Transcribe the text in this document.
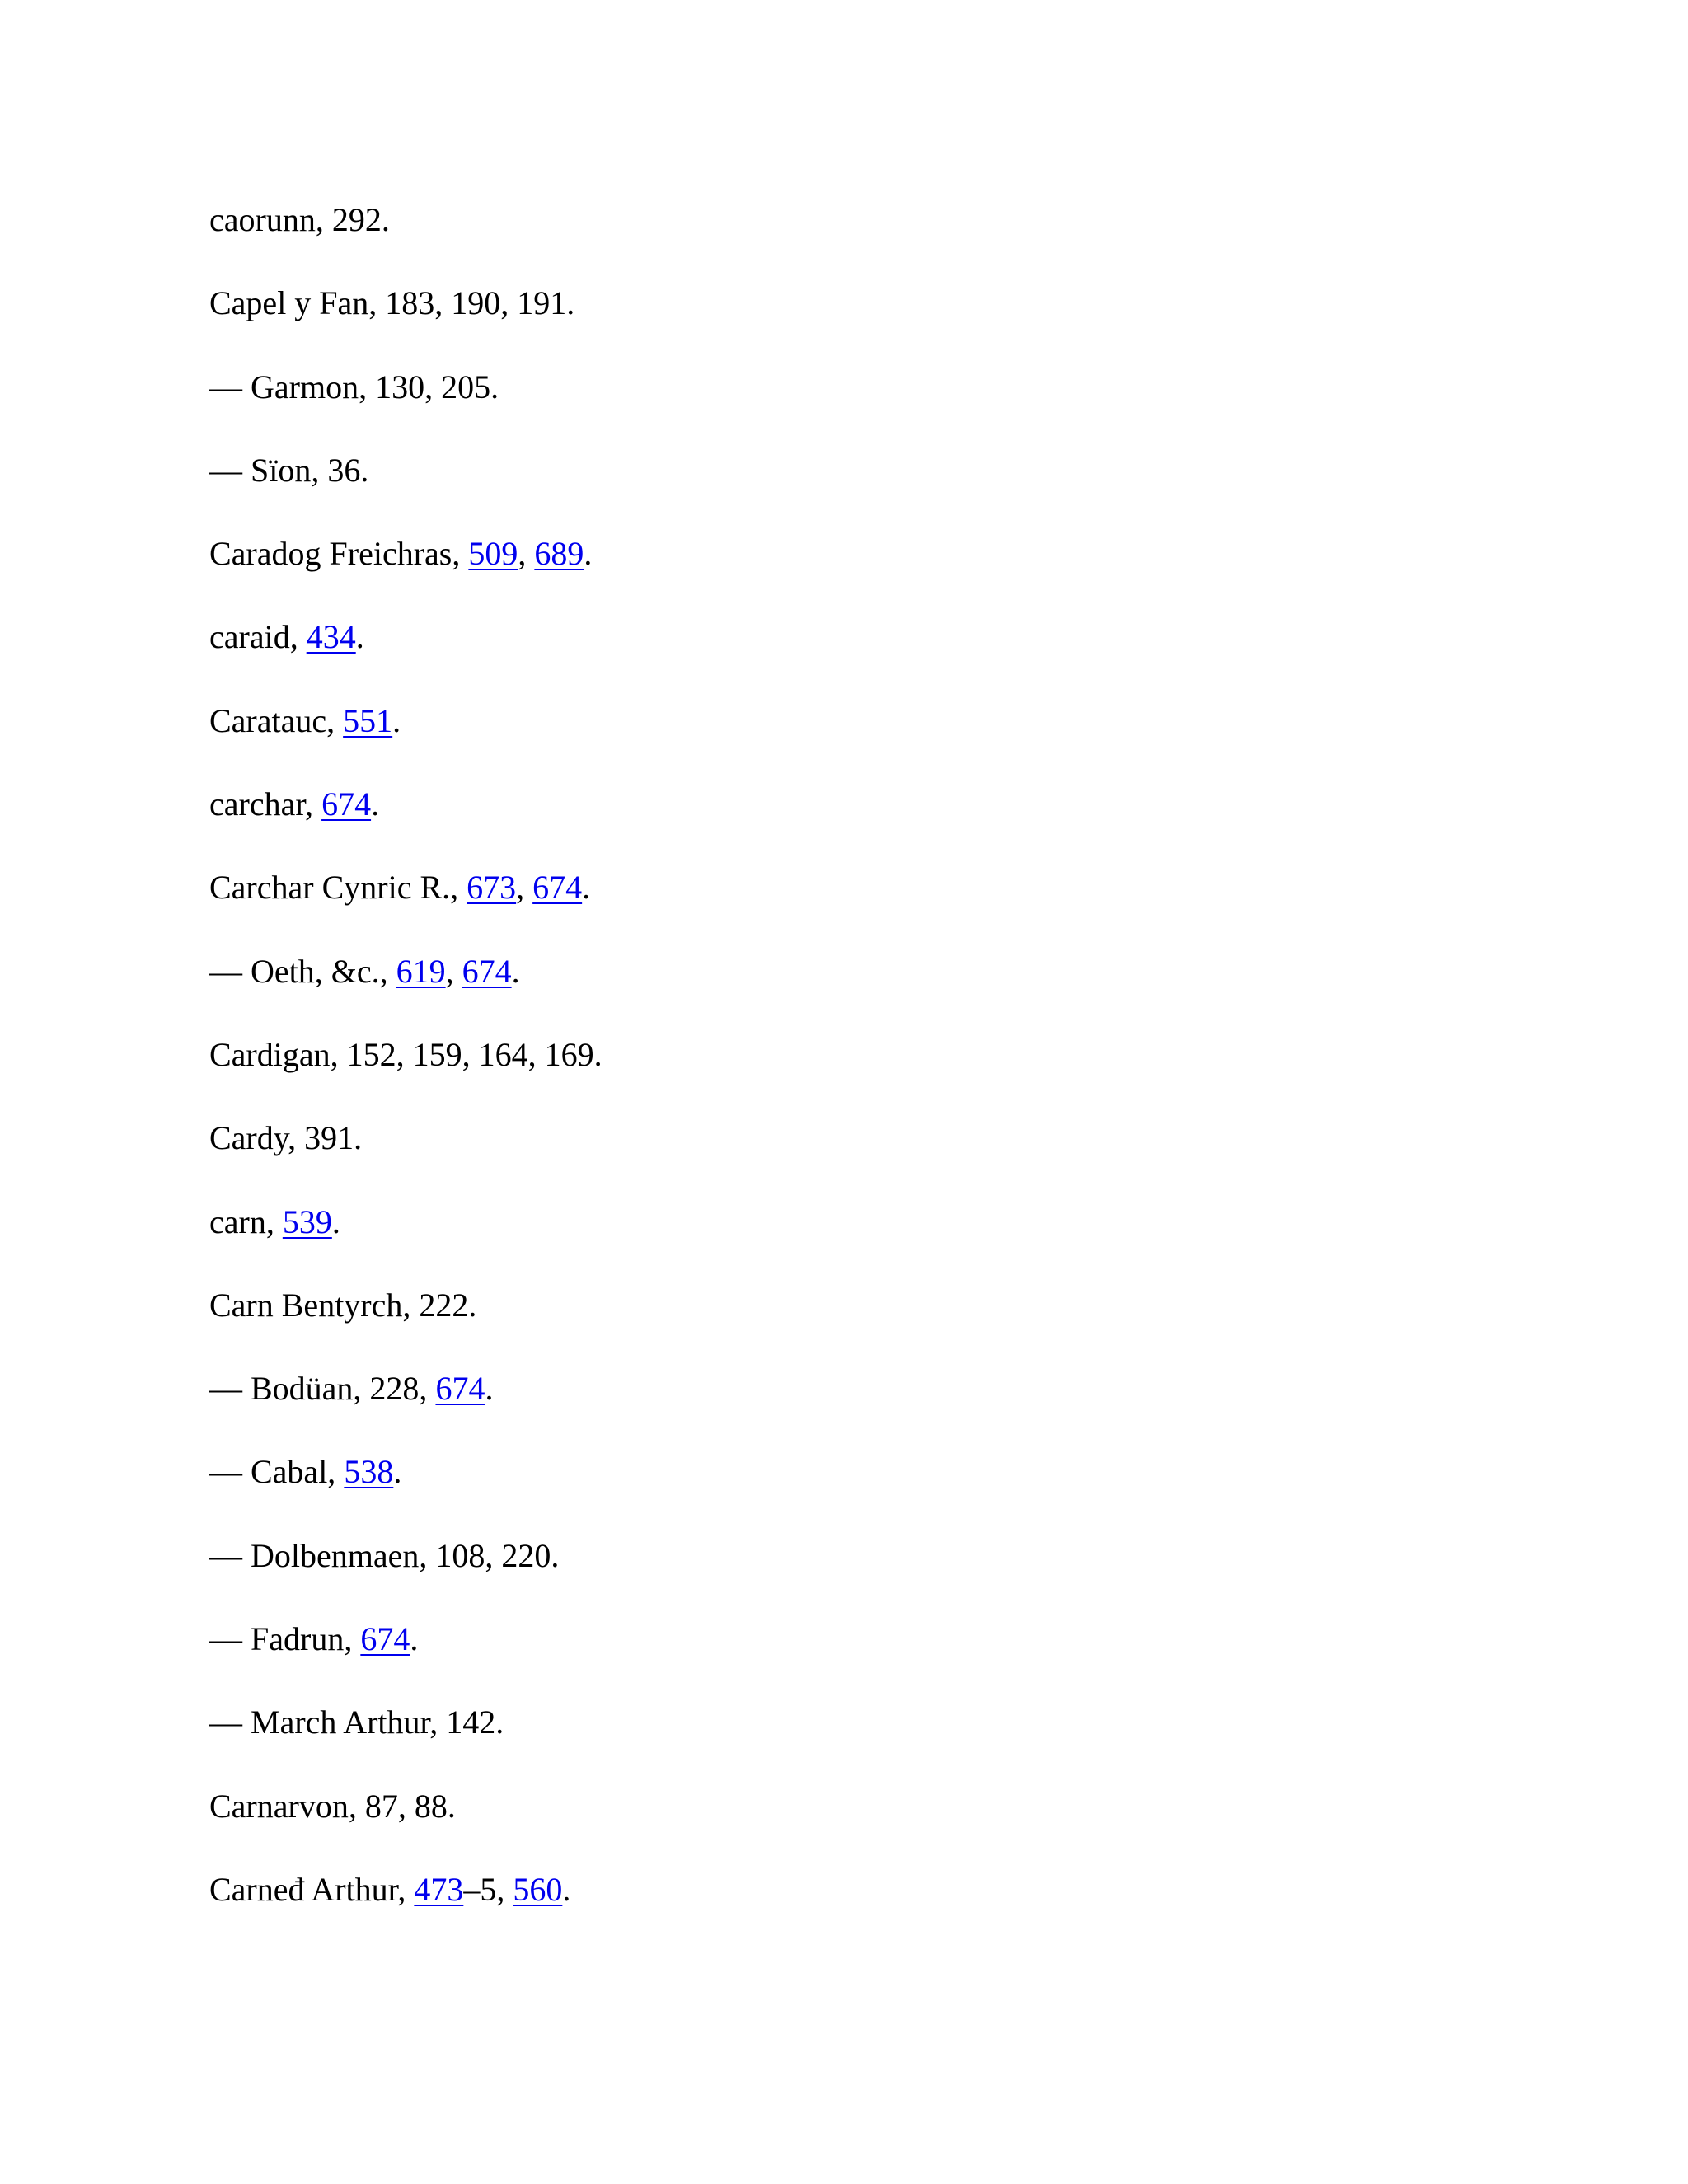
caorunn, 292.
Capel y Fan, 183, 190, 191.
— Garmon, 130, 205.
— Sïon, 36.
Caradog Freichras, 509, 689.
caraid, 434.
Caratauc, 551.
carchar, 674.
Carchar Cynric R., 673, 674.
— Oeth, &c., 619, 674.
Cardigan, 152, 159, 164, 169.
Cardy, 391.
carn, 539.
Carn Bentyrch, 222.
— Bodüan, 228, 674.
— Cabal, 538.
— Dolbenmaen, 108, 220.
— Fadrun, 674.
— March Arthur, 142.
Carnarvon, 87, 88.
Carneđ Arthur, 473–5, 560.
